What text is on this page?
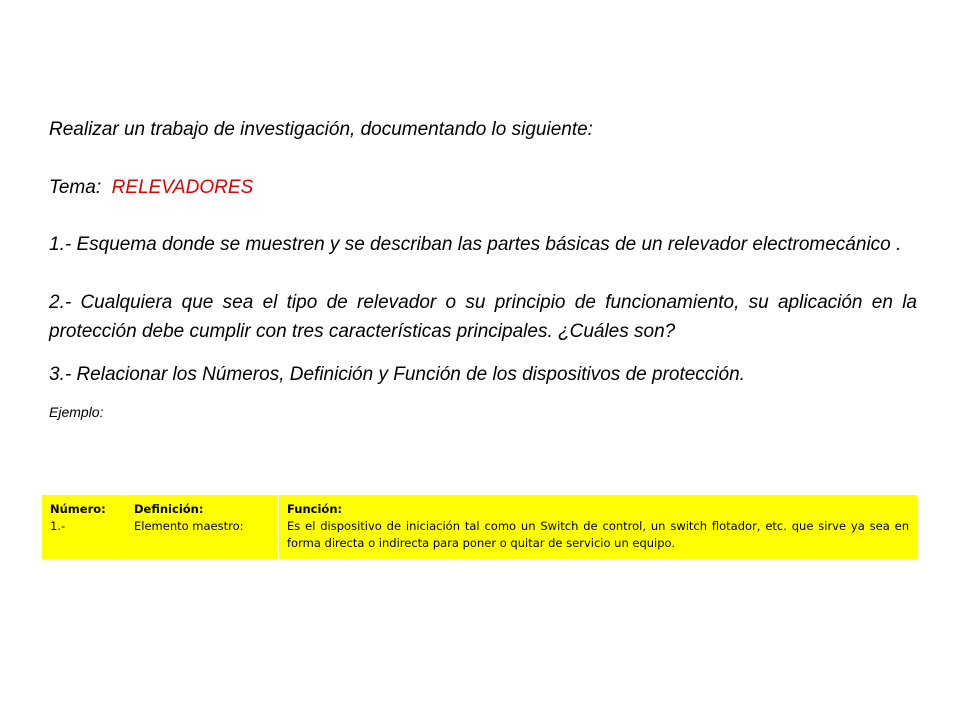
Realizar un trabajo de investigación, documentando lo siguiente:

Tema: RELEVADORES

1.- Esquema donde se muestren y se describan las partes básicas de un relevador electromecánico .

2.- Cualquiera que sea el tipo de relevador o su principio de funcionamiento, su aplicación en la protección debe cumplir con tres características principales. ¿Cuáles son?

3.- Relacionar los Números, Definición y Función de los dispositivos de protección.

Ejemplo:

Número:
1.-

Definición:
Elemento maestro:

Función:
Es el dispositivo de iniciación tal como un Switch de control, un switch flotador, etc. que sirve ya sea en forma directa o indirecta para poner o quitar de servicio un equipo.
